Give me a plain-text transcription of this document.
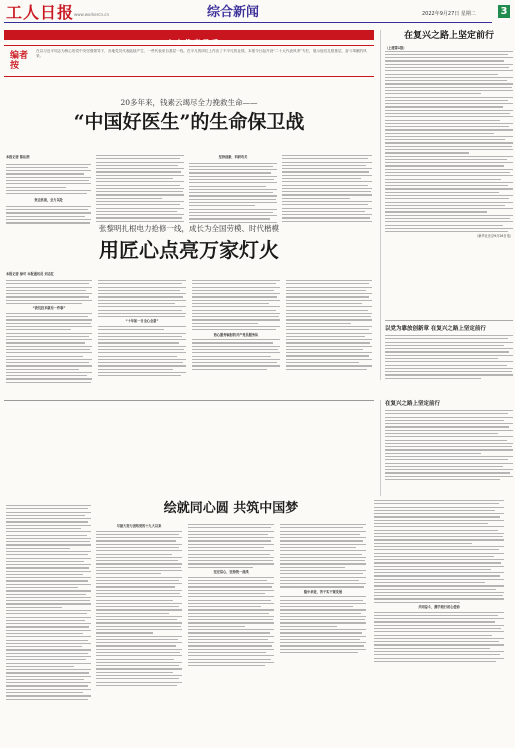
工人日报 www.workercn.cn	综合新闻	2022年9月27日 星期二 3
二十大代表风采
编者按
在以习近平同志为核心的党中央坚强领导下，各地党员代表陆续产生，一些代表来自基层一线，在平凡的岗位上作出了不平凡的业绩。本报今日起开设“二十大代表风采”专栏，展示他们扎根基层、奋斗奉献的风采。
20多年来，钱素云竭尽全力挽救生命——
“中国好医生”的生命保卫战
本报记者 陈沁洒
身边抗战，全力以赴
坚持创新，科研攻关
在复兴之路上坚定前行
（上接第1版）
（新华社北京9月26日电）
以党为靠放创新章 在复兴之路上坚定前行
张黎明扎根电力抢修一线，成长为全国劳模、时代楷模
用匠心点亮万家灯火
本报记者 徐可 本报通讯员 刘志红
“我们技术就有一件事”
“十年如一日全心全意”
热心服务辐射的共产党员服务队
绘就同心圆 共筑中国梦
尽最大努力团结党的十九大以来
坚定信心，坚持统一战线
稳中求进，苦干实干谋发展
共同奋斗，携手践行初心使命
在复兴之路上坚定前行
